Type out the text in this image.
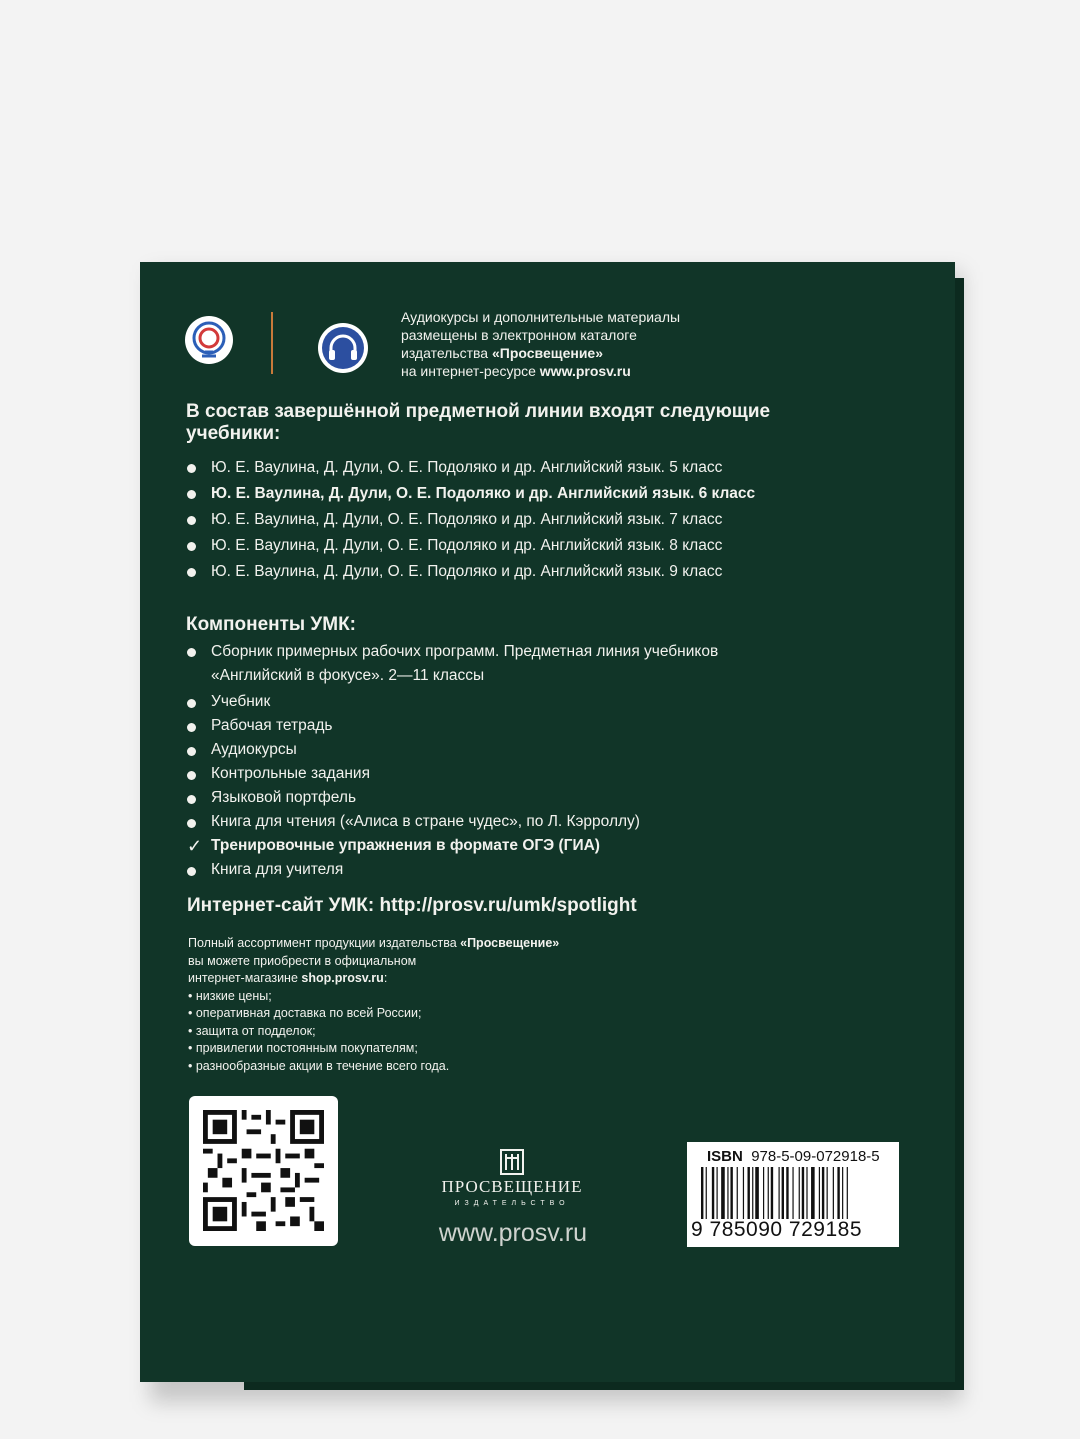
Аудиокурсы и дополнительные материалы
размещены в электронном каталоге
издательства «Просвещение»
на интернет-ресурсе www.prosv.ru
В состав завершённой предметной линии входят следующие
учебники:
Ю. Е. Ваулина, Д. Дули, О. Е. Подоляко и др. Английский язык. 5 класс
Ю. Е. Ваулина, Д. Дули, О. Е. Подоляко и др. Английский язык. 6 класс
Ю. Е. Ваулина, Д. Дули, О. Е. Подоляко и др. Английский язык. 7 класс
Ю. Е. Ваулина, Д. Дули, О. Е. Подоляко и др. Английский язык. 8 класс
Ю. Е. Ваулина, Д. Дули, О. Е. Подоляко и др. Английский язык. 9 класс
Компоненты УМК:
Сборник примерных рабочих программ. Предметная линия учебников
«Английский в фокусе». 2—11 классы
Учебник
Рабочая тетрадь
Аудиокурсы
Контрольные задания
Языковой портфель
Книга для чтения («Алиса в стране чудес», по Л. Кэрроллу)
✓ Тренировочные упражнения в формате ОГЭ (ГИА)
Книга для учителя
Интернет-сайт УМК: http://prosv.ru/umk/spotlight
Полный ассортимент продукции издательства «Просвещение»
вы можете приобрести в официальном
интернет-магазине shop.prosv.ru:
• низкие цены;
• оперативная доставка по всей России;
• защита от подделок;
• привилегии постоянным покупателям;
• разнообразные акции в течение всего года.
ПРОСВЕЩЕНИЕ
ИЗДАТЕЛЬСТВО
www.prosv.ru
ISBN 978-5-09-072918-5
9 785090 729185
